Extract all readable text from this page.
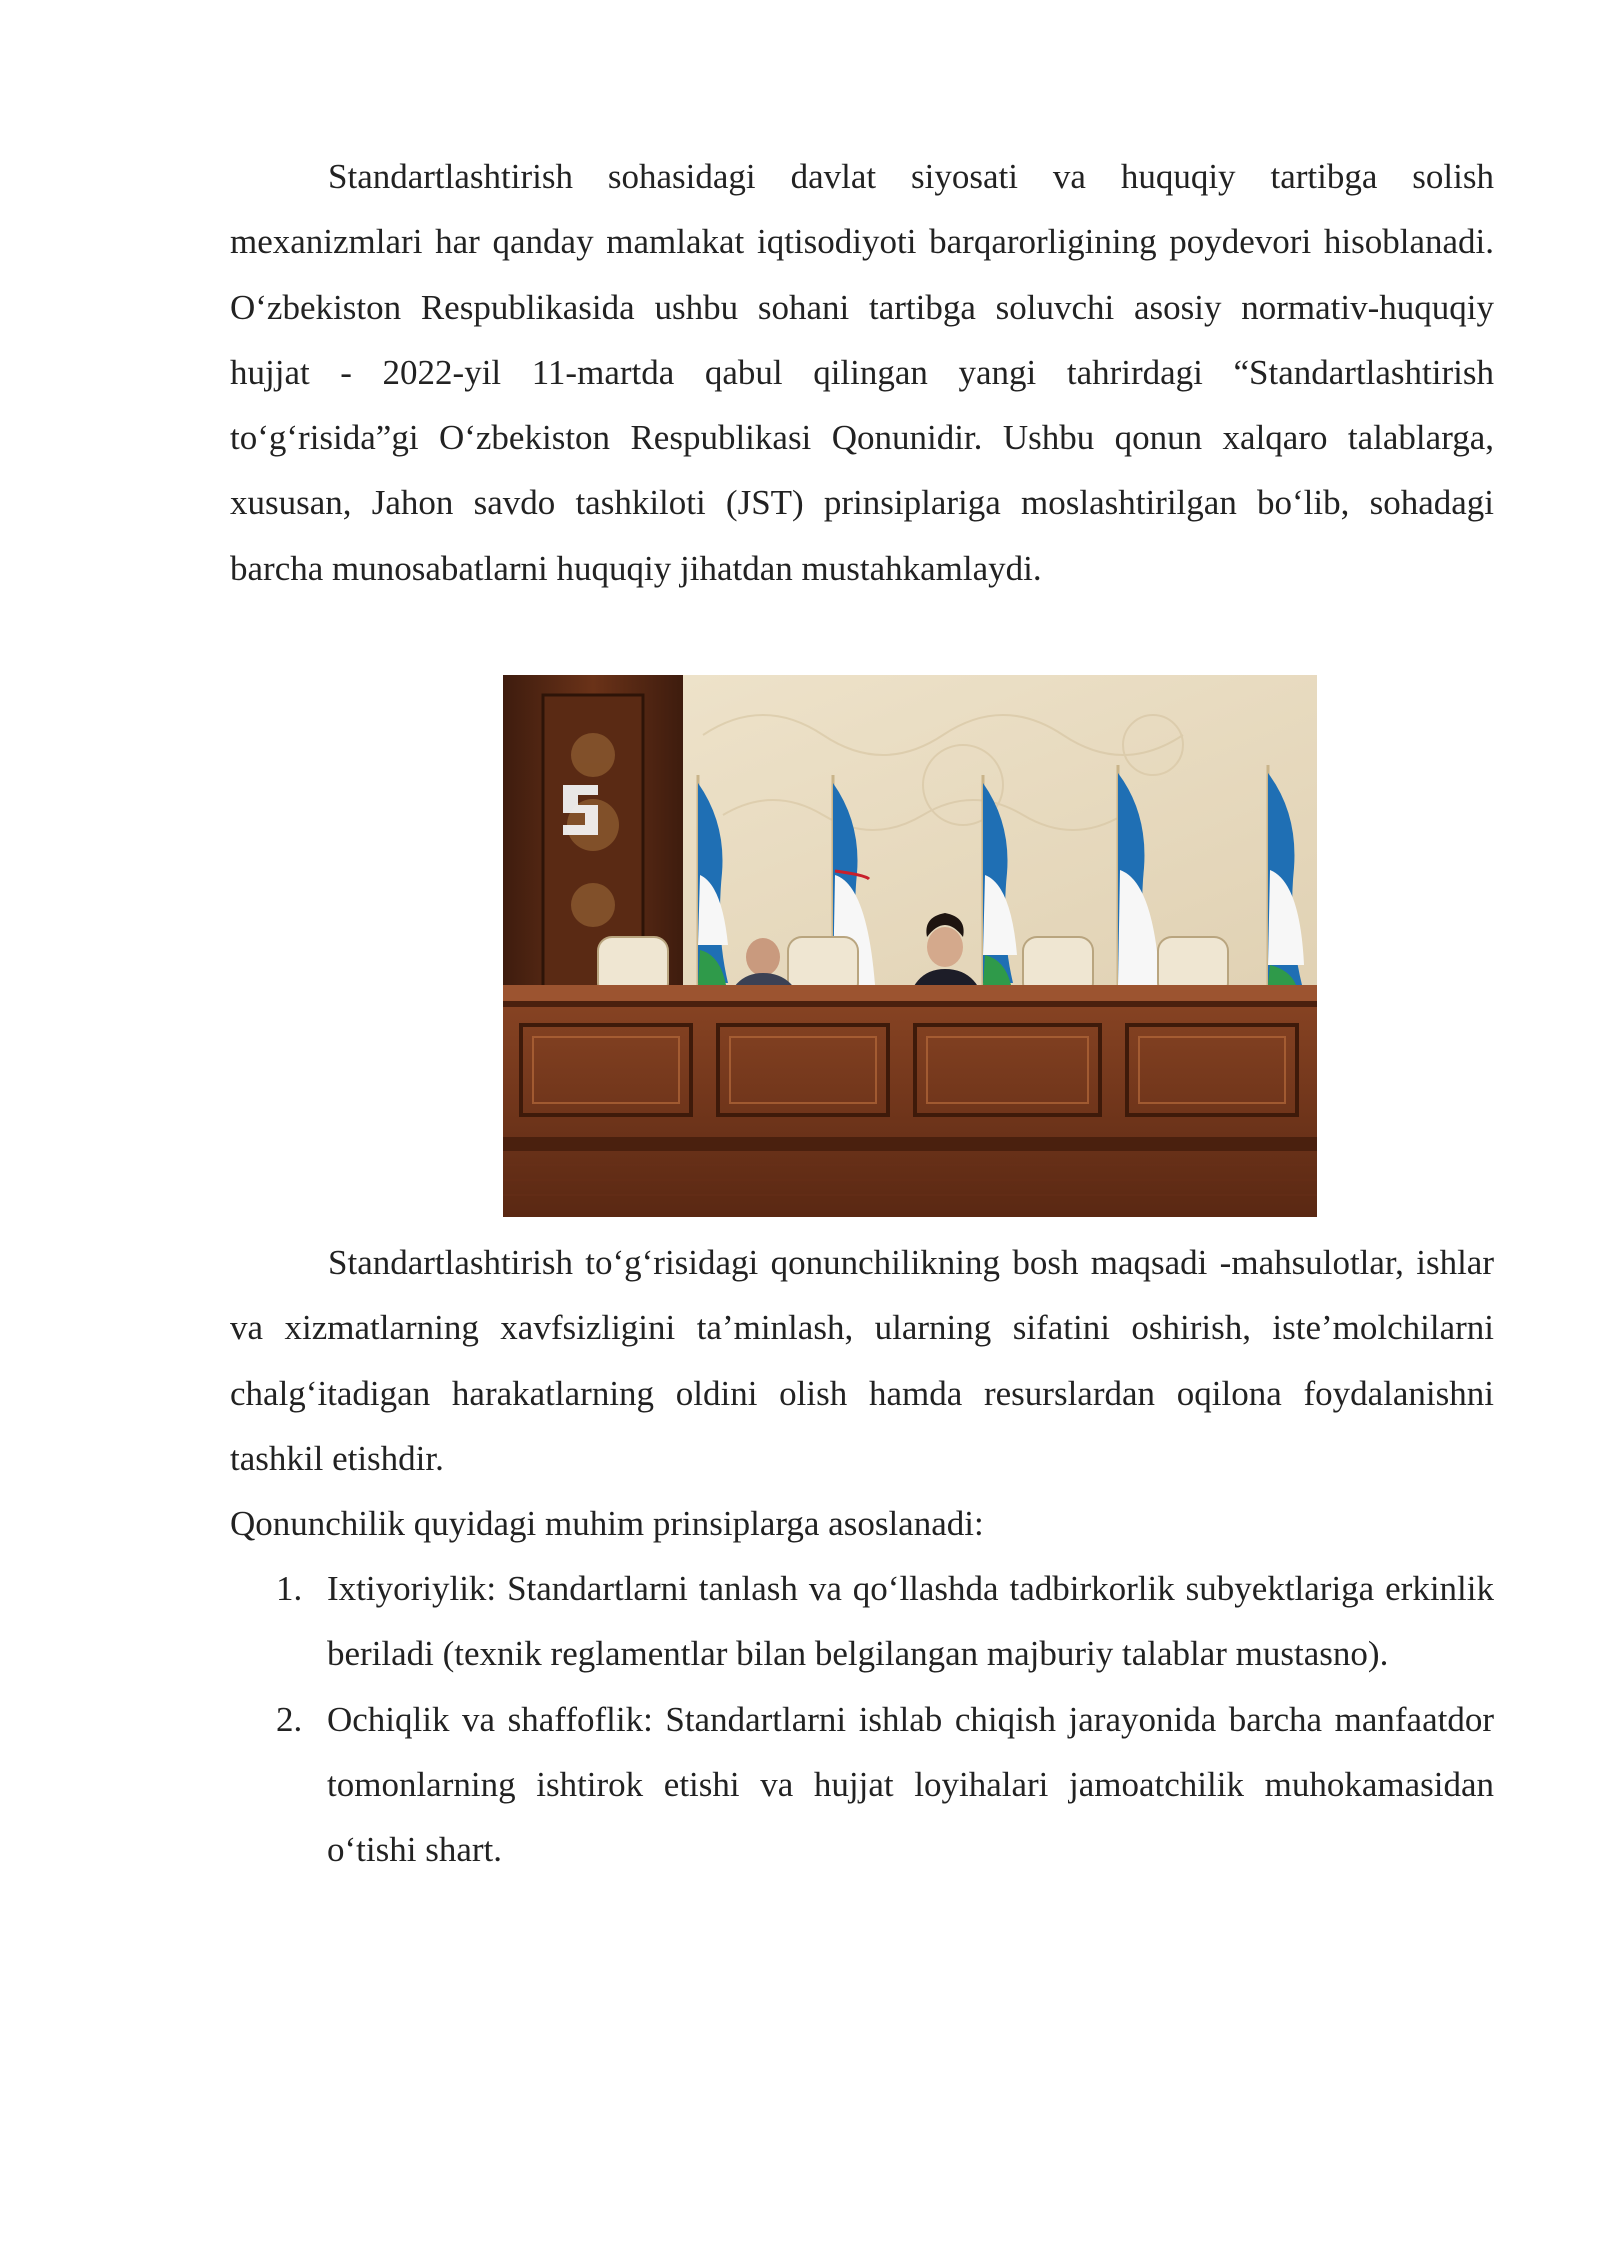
Standartlashtirish sohasidagi davlat siyosati va huquqiy tartibga solish mexanizmlari har qanday mamlakat iqtisodiyoti barqarorligining poydevori hisoblanadi. O‘zbekiston Respublikasida ushbu sohani tartibga soluvchi asosiy normativ-huquqiy hujjat - 2022-yil 11-martda qabul qilingan yangi tahrirdagi “Standartlashtirish to‘g‘risida”gi O‘zbekiston Respublikasi Qonunidir. Ushbu qonun xalqaro talablarga, xususan, Jahon savdo tashkiloti (JST) prinsiplariga moslashtirilgan bo‘lib, sohadagi barcha munosabatlarni huquqiy jihatdan mustahkamlaydi.

Standartlashtirish to‘g‘risidagi qonunchilikning bosh maqsadi -mahsulotlar, ishlar va xizmatlarning xavfsizligini ta’minlash, ularning sifatini oshirish, iste’molchilarni chalg‘itadigan harakatlarning oldini olish hamda resurslardan oqilona foydalanishni tashkil etishdir.

Qonunchilik quyidagi muhim prinsiplarga asoslanadi:
1. Ixtiyoriylik: Standartlarni tanlash va qo‘llashda tadbirkorlik subyektlariga erkinlik beriladi (texnik reglamentlar bilan belgilangan majburiy talablar mustasno).
2. Ochiqlik va shaffoflik: Standartlarni ishlab chiqish jarayonida barcha manfaatdor tomonlarning ishtirok etishi va hujjat loyihalari jamoatchilik muhokamasidan o‘tishi shart.
